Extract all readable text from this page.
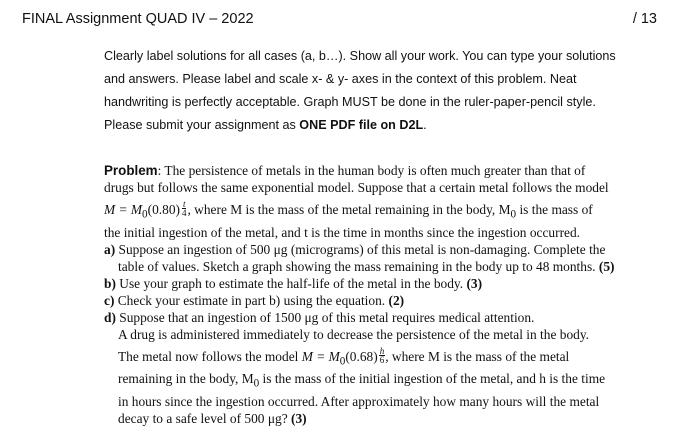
FINAL Assignment QUAD IV – 2022	/ 13
Clearly label solutions for all cases (a, b…). Show all your work. You can type your solutions
and answers. Please label and scale x- & y- axes in the context of this problem. Neat
handwriting is perfectly acceptable. Graph MUST be done in the ruler-paper-pencil style.
Please submit your assignment as ONE PDF file on D2L.
Problem: The persistence of metals in the human body is often much greater than that of
drugs but follows the same exponential model. Suppose that a certain metal follows the model
$M = M_0(0.80) \frac{t}{4}$ , where M is the mass of the metal remaining in the body, $M_0$ is the mass of
the initial ingestion of the metal, and t is the time in months since the ingestion occurred.
a) Suppose an ingestion of 500 μg (micrograms) of this metal is non-damaging. Complete the
table of values. Sketch a graph showing the mass remaining in the body up to 48 months. (5)
b) Use your graph to estimate the half-life of the metal in the body. (3)
c) Check your estimate in part b) using the equation. (2)
d) Suppose that an ingestion of 1500 μg of this metal requires medical attention.
A drug is administered immediately to decrease the persistence of the metal in the body.
The metal now follows the model $M = M_0(0.68) \frac{h}{6}$ , where M is the mass of the metal
remaining in the body, $M_0$ is the mass of the initial ingestion of the metal, and h is the time
in hours since the ingestion occurred. After approximately how many hours will the metal
decay to a safe level of 500 μg? (3)
